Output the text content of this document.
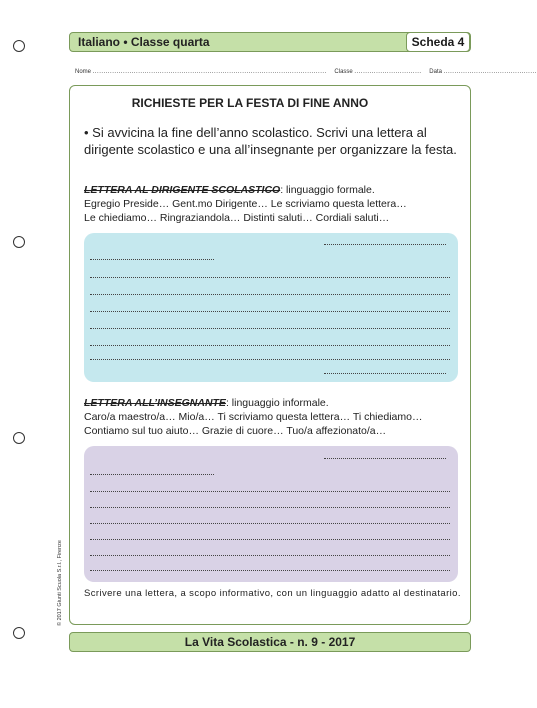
Italiano • Classe quarta	Scheda 4
Nome ............................................................................................................ Classe ............................... Data ...........................................
RICHIESTE PER LA FESTA DI FINE ANNO
• Si avvicina la fine dell’anno scolastico. Scrivi una lettera al dirigente scolastico e una all’insegnante per organizzare la festa.
LETTERA AL DIRIGENTE SCOLASTICO: linguaggio formale.
Egregio Preside… Gent.mo Dirigente… Le scriviamo questa lettera…
Le chiediamo… Ringraziandola… Distinti saluti… Cordiali saluti…
LETTERA ALL’INSEGNANTE: linguaggio informale.
Caro/a maestro/a… Mio/a… Ti scriviamo questa lettera… Ti chiediamo…
Contiamo sul tuo aiuto… Grazie di cuore… Tuo/a affezionato/a…
Scrivere una lettera, a scopo informativo, con un linguaggio adatto al destinatario.
La Vita Scolastica - n. 9 - 2017
© 2017 Giunti Scuola S.r.l., Firenze
